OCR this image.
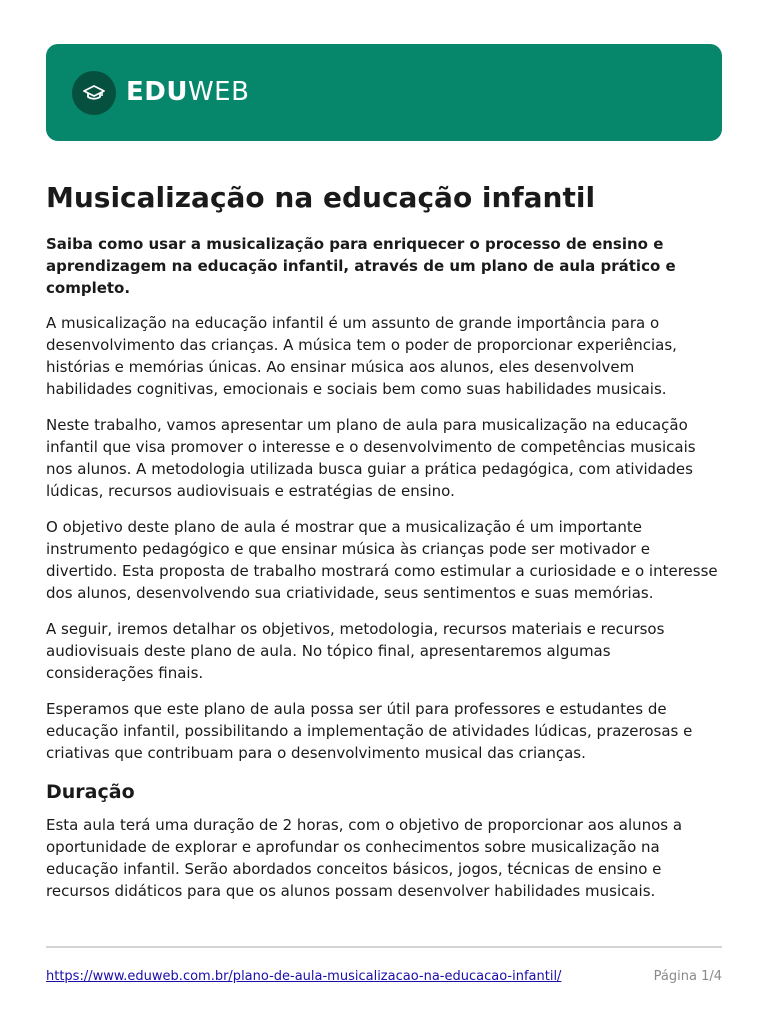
EDUWEB
Musicalização na educação infantil

Saiba como usar a musicalização para enriquecer o processo de ensino e aprendizagem na educação infantil, através de um plano de aula prático e completo.

A musicalização na educação infantil é um assunto de grande importância para o desenvolvimento das crianças. A música tem o poder de proporcionar experiências, histórias e memórias únicas. Ao ensinar música aos alunos, eles desenvolvem habilidades cognitivas, emocionais e sociais bem como suas habilidades musicais.

Neste trabalho, vamos apresentar um plano de aula para musicalização na educação infantil que visa promover o interesse e o desenvolvimento de competências musicais nos alunos. A metodologia utilizada busca guiar a prática pedagógica, com atividades lúdicas, recursos audiovisuais e estratégias de ensino.

O objetivo deste plano de aula é mostrar que a musicalização é um importante instrumento pedagógico e que ensinar música às crianças pode ser motivador e divertido. Esta proposta de trabalho mostrará como estimular a curiosidade e o interesse dos alunos, desenvolvendo sua criatividade, seus sentimentos e suas memórias.

A seguir, iremos detalhar os objetivos, metodologia, recursos materiais e recursos audiovisuais deste plano de aula. No tópico final, apresentaremos algumas considerações finais.

Esperamos que este plano de aula possa ser útil para professores e estudantes de educação infantil, possibilitando a implementação de atividades lúdicas, prazerosas e criativas que contribuam para o desenvolvimento musical das crianças.

Duração

Esta aula terá uma duração de 2 horas, com o objetivo de proporcionar aos alunos a oportunidade de explorar e aprofundar os conhecimentos sobre musicalização na educação infantil. Serão abordados conceitos básicos, jogos, técnicas de ensino e recursos didáticos para que os alunos possam desenvolver habilidades musicais.

https://www.eduweb.com.br/plano-de-aula-musicalizacao-na-educacao-infantil/	Página 1/4
